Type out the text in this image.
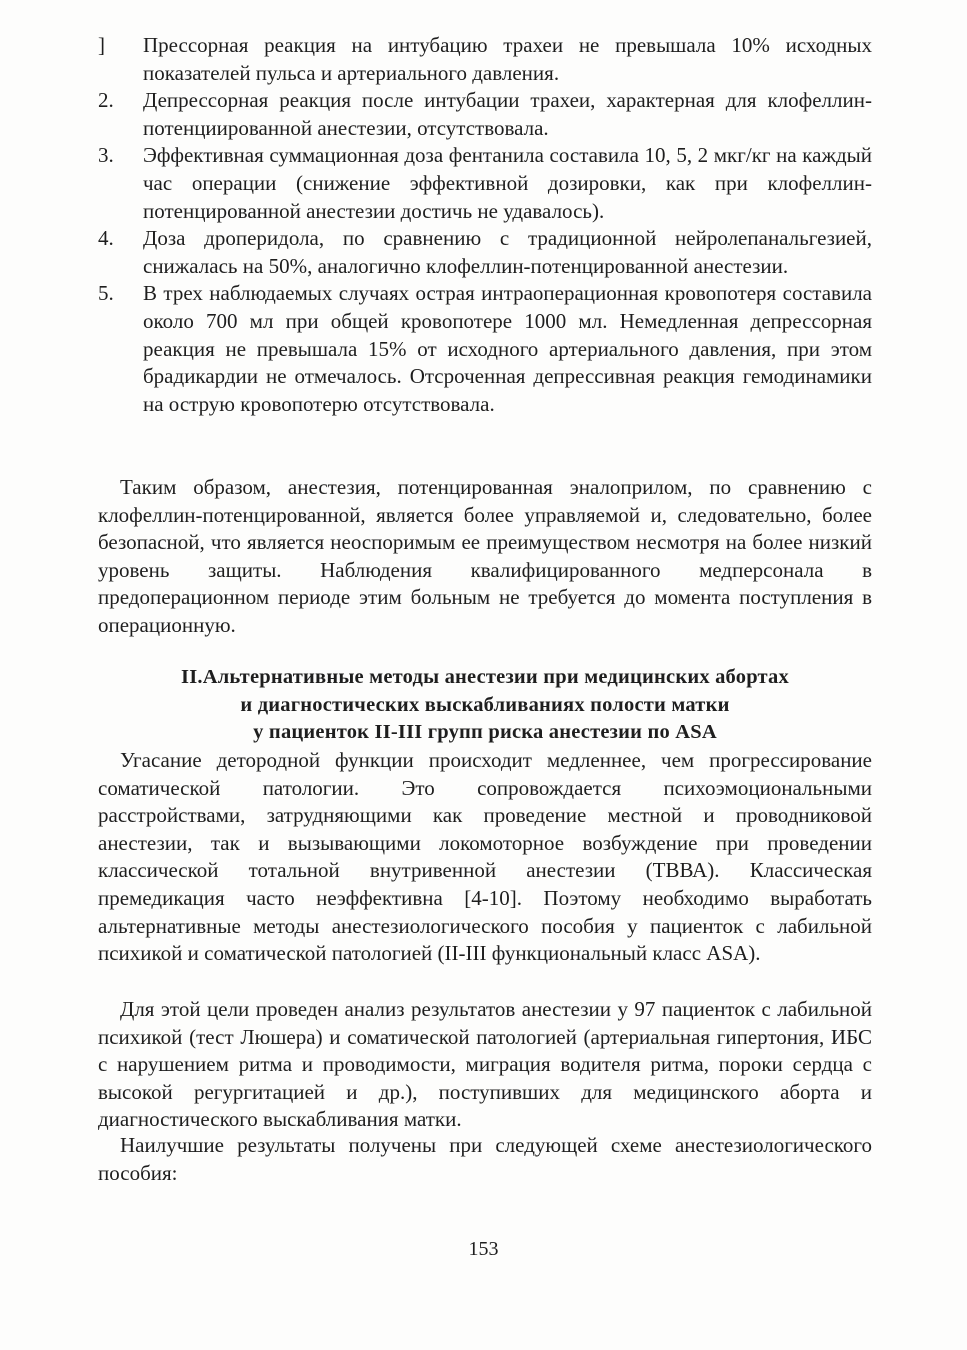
]	Прессорная реакция на интубацию трахеи не превышала 10% исходных показателей пульса и артериального давления.
2.	Депрессорная реакция после интубации трахеи, характерная для клофеллин-потенциированной анестезии, отсутствовала.
3.	Эффективная суммационная доза фентанила составила 10, 5, 2 мкг/кг на каждый час операции (снижение эффективной дозировки, как при клофеллин-потенцированной анестезии достичь не удавалось).
4.	Доза дроперидола, по сравнению с традиционной нейролепанальгезией, снижалась на 50%, аналогично клофеллин-потенцированной анестезии.
5.	В трех наблюдаемых случаях острая интраоперационная кровопотеря составила около 700 мл при общей кровопотере 1000 мл. Немедленная депрессорная реакция не превышала 15% от исходного артериального давления, при этом брадикардии не отмечалось. Отсроченная депрессивная реакция гемодинамики на острую кровопотерю отсутствовала.

Таким образом, анестезия, потенцированная эналоприлом, по сравнению с клофеллин-потенцированной, является более управляемой и, следовательно, более безопасной, что является неоспоримым ее преимуществом несмотря на более низкий уровень защиты. Наблюдения квалифицированного медперсонала в предоперационном периоде этим больным не требуется до момента поступления в операционную.

II.Альтернативные методы анестезии при медицинских абортах
и диагностических выскабливаниях полости матки
у пациенток II-III групп риска анестезии по ASA

Угасание детородной функции происходит медленнее, чем прогрессирование соматической патологии. Это сопровождается психоэмоциональными расстройствами, затрудняющими как проведение местной и проводниковой анестезии, так и вызывающими локомоторное возбуждение при проведении классической тотальной внутривенной анестезии (ТВВА). Классическая премедикация часто неэффективна [4-10]. Поэтому необходимо выработать альтернативные методы анестезиологического пособия у пациенток с лабильной психикой и соматической патологией (II-III функциональный класс ASA).

Для этой цели проведен анализ результатов анестезии у 97 пациенток с лабильной психикой (тест Люшера) и соматической патологией (артериальная гипертония, ИБС с нарушением ритма и проводимости, миграция водителя ритма, пороки сердца с высокой регургитацией и др.), поступивших для медицинского аборта и диагностического выскабливания матки.

Наилучшие результаты получены при следующей схеме анестезиологического пособия:

153
